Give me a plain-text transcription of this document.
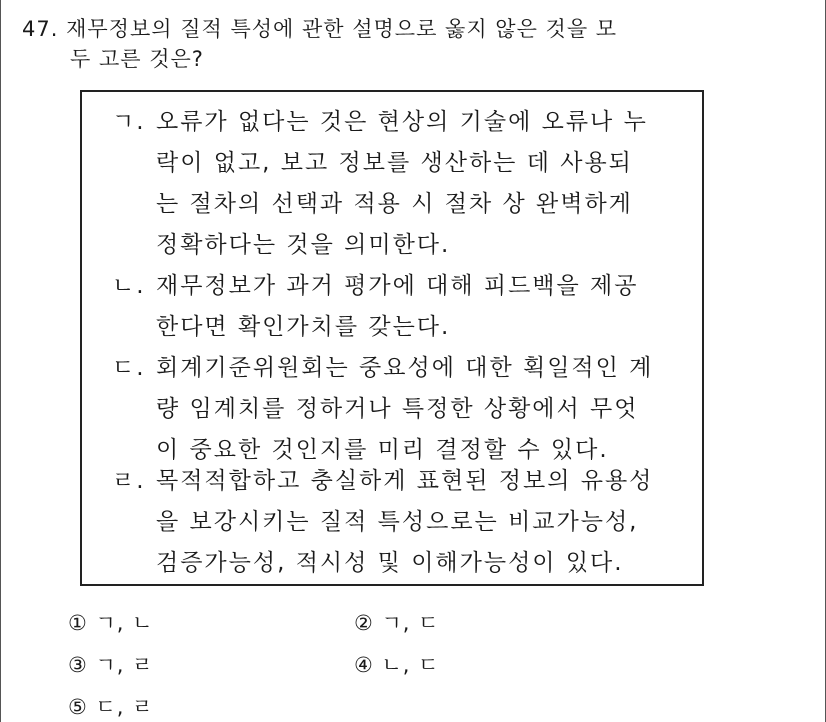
47. 재무정보의 질적 특성에 관한 설명으로 옳지 않은 것을 모
두 고른 것은?
ㄱ. 오류가 없다는 것은 현상의 기술에 오류나 누
락이 없고, 보고 정보를 생산하는 데 사용되
는 절차의 선택과 적용 시 절차 상 완벽하게
정확하다는 것을 의미한다.
ㄴ. 재무정보가 과거 평가에 대해 피드백을 제공
한다면 확인가치를 갖는다.
ㄷ. 회계기준위원회는 중요성에 대한 획일적인 계
량 임계치를 정하거나 특정한 상황에서 무엇
이 중요한 것인지를 미리 결정할 수 있다.
ㄹ. 목적적합하고 충실하게 표현된 정보의 유용성
을 보강시키는 질적 특성으로는 비교가능성,
검증가능성, 적시성 및 이해가능성이 있다.
① ㄱ, ㄴ	② ㄱ, ㄷ
③ ㄱ, ㄹ	④ ㄴ, ㄷ
⑤ ㄷ, ㄹ
